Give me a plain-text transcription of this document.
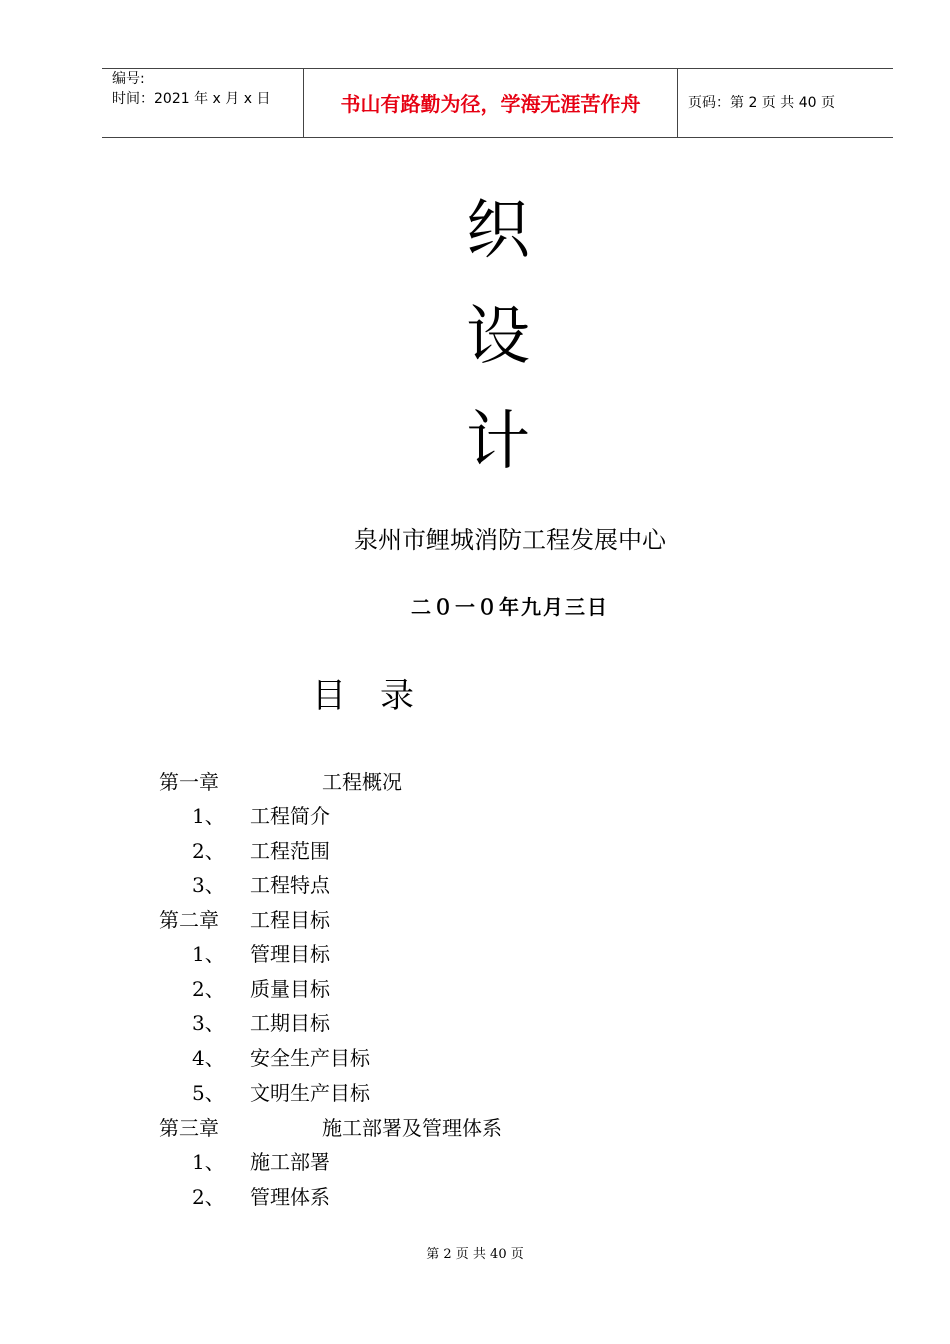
编号:
时间：2021 年 x 月 x 日	书山有路勤为径，学海无涯苦作舟	页码：第 2 页 共 40 页
织
设
计
泉州市鲤城消防工程发展中心
二０一０年九月三日
目　录
第一章	工程概况
1、 工程简介
2、 工程范围
3、 工程特点
第二章 工程目标
1、 管理目标
2、 质量目标
3、 工期目标
4、 安全生产目标
5、 文明生产目标
第三章	施工部署及管理体系
1、 施工部署
2、 管理体系
第 2 页 共 40 页
